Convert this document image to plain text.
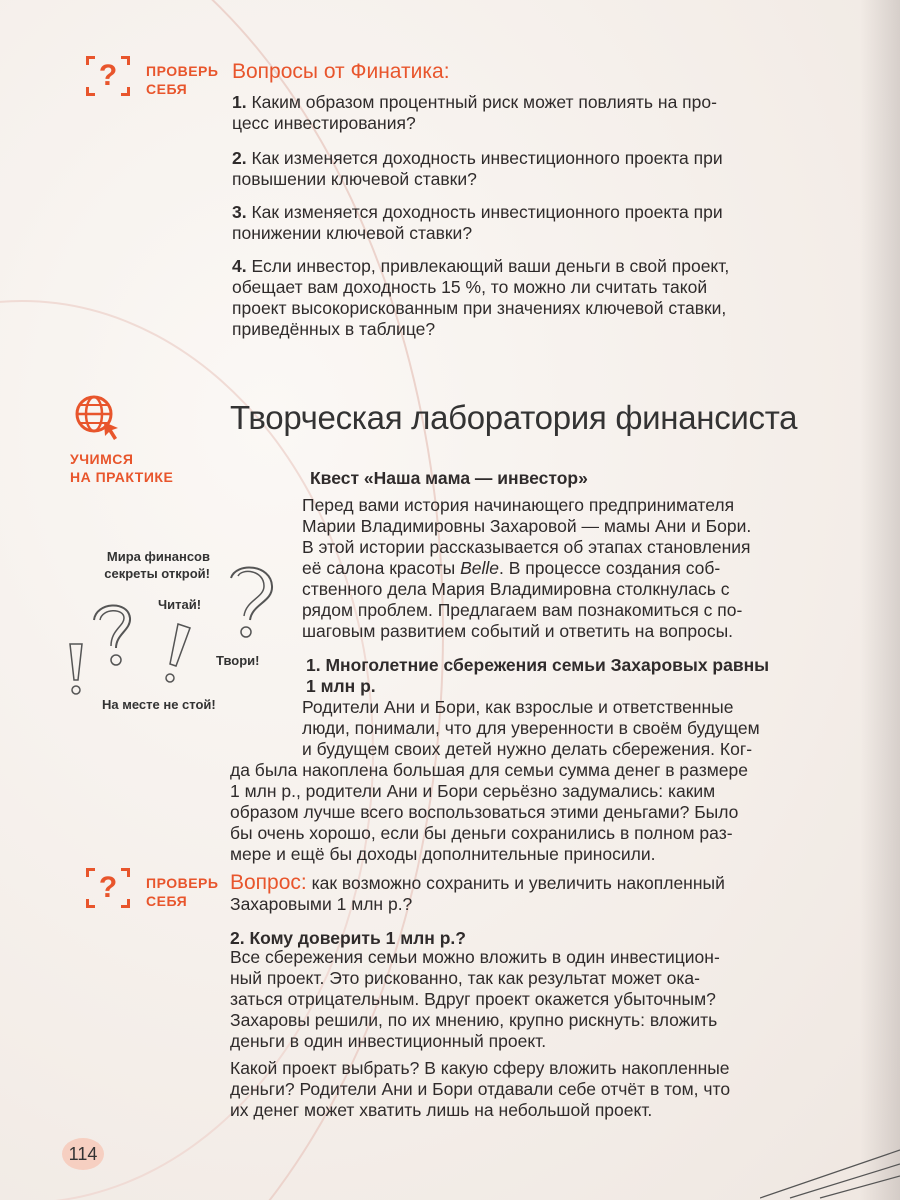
?	ПРОВЕРЬ
СЕБЯ
Вопросы от Финатика:
1. Каким образом процентный риск может повлиять на про-
цесс инвестирования?
2. Как изменяется доходность инвестиционного проекта при
повышении ключевой ставки?
3. Как изменяется доходность инвестиционного проекта при
понижении ключевой ставки?
4. Если инвестор, привлекающий ваши деньги в свой проект,
обещает вам доходность 15 %, то можно ли считать такой
проект высокорискованным при значениях ключевой ставки,
приведённых в таблице?
УЧИМСЯ
НА ПРАКТИКЕ
Творческая лаборатория финансиста
Квест «Наша мама — инвестор»
Перед вами история начинающего предпринимателя
Марии Владимировны Захаровой — мамы Ани и Бори.
В этой истории рассказывается об этапах становления
её салона красоты Belle. В процессе создания соб-
ственного дела Мария Владимировна столкнулась с
рядом проблем. Предлагаем вам познакомиться с по-
шаговым развитием событий и ответить на вопросы.
Мира финансов
секреты открой!
Читай!
Твори!
На месте не стой!
1. Многолетние сбережения семьи Захаровых равны
1 млн р.
Родители Ани и Бори, как взрослые и ответственные
люди, понимали, что для уверенности в своём будущем
и будущем своих детей нужно делать сбережения. Ког-
да была накоплена большая для семьи сумма денег в размере
1 млн р., родители Ани и Бори серьёзно задумались: каким
образом лучше всего воспользоваться этими деньгами? Было
бы очень хорошо, если бы деньги сохранились в полном раз-
мере и ещё бы доходы дополнительные приносили.
?	ПРОВЕРЬ
СЕБЯ
Вопрос: как возможно сохранить и увеличить накопленный
Захаровыми 1 млн р.?
2. Кому доверить 1 млн р.?
Все сбережения семьи можно вложить в один инвестицион-
ный проект. Это рискованно, так как результат может ока-
заться отрицательным. Вдруг проект окажется убыточным?
Захаровы решили, по их мнению, крупно рискнуть: вложить
деньги в один инвестиционный проект.
Какой проект выбрать? В какую сферу вложить накопленные
деньги? Родители Ани и Бори отдавали себе отчёт в том, что
их денег может хватить лишь на небольшой проект.
114
